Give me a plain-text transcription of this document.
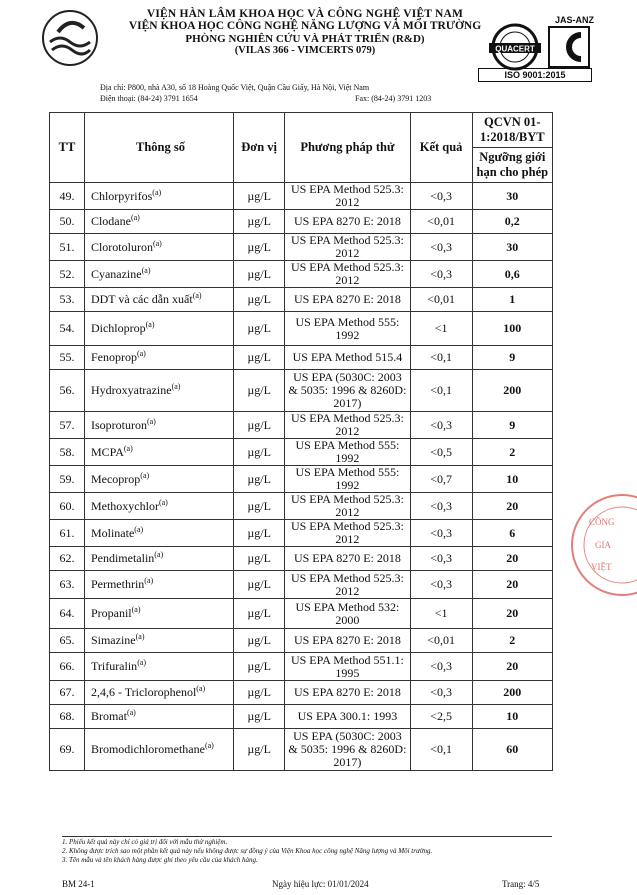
VIỆN HÀN LÂM KHOA HỌC VÀ CÔNG NGHỆ VIỆT NAM
VIỆN KHOA HỌC CÔNG NGHỆ NĂNG LƯỢNG VÀ MÔI TRƯỜNG
PHÒNG NGHIÊN CỨU VÀ PHÁT TRIỂN (R&D)
(VILAS 366 - VIMCERTS 079)
Địa chỉ: P800, nhà A30, số 18 Hoàng Quốc Việt, Quận Cầu Giấy, Hà Nội, Việt Nam
Điện thoại: (84-24) 3791 1654	Fax: (84-24) 3791 1203
JAS-ANZ
QUACERT
ISO 9001:2015
TT	Thông số	Đơn vị	Phương pháp thử	Kết quả	QCVN 01-1:2018/BYT
Ngưỡng giới hạn cho phép

49.	Chlorpyrifos$^{(a)}$	µg/L	US EPA Method 525.3: 2012	<0,3	30
50.	Clodane$^{(a)}$	µg/L	US EPA 8270 E: 2018	<0,01	0,2
51.	Clorotoluron$^{(a)}$	µg/L	US EPA Method 525.3: 2012	<0,3	30
52.	Cyanazine$^{(a)}$	µg/L	US EPA Method 525.3: 2012	<0,3	0,6
53.	DDT và các dẫn xuất$^{(a)}$	µg/L	US EPA 8270 E: 2018	<0,01	1
54.	Dichloprop$^{(a)}$	µg/L	US EPA Method 555: 1992	<1	100
55.	Fenoprop$^{(a)}$	µg/L	US EPA Method 515.4	<0,1	9
56.	Hydroxyatrazine$^{(a)}$	µg/L	US EPA (5030C: 2003 & 5035: 1996 & 8260D: 2017)	<0,1	200
57.	Isoproturon$^{(a)}$	µg/L	US EPA Method 525.3: 2012	<0,3	9
58.	MCPA$^{(a)}$	µg/L	US EPA Method 555: 1992	<0,5	2
59.	Mecoprop$^{(a)}$	µg/L	US EPA Method 555: 1992	<0,7	10
60.	Methoxychlor$^{(a)}$	µg/L	US EPA Method 525.3: 2012	<0,3	20
61.	Molinate$^{(a)}$	µg/L	US EPA Method 525.3: 2012	<0,3	6
62.	Pendimetalin$^{(a)}$	µg/L	US EPA 8270 E: 2018	<0,3	20
63.	Permethrin$^{(a)}$	µg/L	US EPA Method 525.3: 2012	<0,3	20
64.	Propanil$^{(a)}$	µg/L	US EPA Method 532: 2000	<1	20
65.	Simazine$^{(a)}$	µg/L	US EPA 8270 E: 2018	<0,01	2
66.	Trifuralin$^{(a)}$	µg/L	US EPA Method 551.1: 1995	<0,3	20
67.	2,4,6 - Triclorophenol$^{(a)}$	µg/L	US EPA 8270 E: 2018	<0,3	200
68.	Bromat$^{(a)}$	µg/L	US EPA 300.1: 1993	<2,5	10
69.	Bromodichloromethane$^{(a)}$	µg/L	US EPA (5030C: 2003 & 5035: 1996 & 8260D: 2017)	<0,1	60
1. Phiếu kết quả này chỉ có giá trị đối với mẫu thử nghiệm.
2. Không được trích sao một phần kết quả này nếu không được sự đồng ý của Viện Khoa học công nghệ Năng lượng và Môi trường.
3. Tên mẫu và tên khách hàng được ghi theo yêu cầu của khách hàng.
BM 24-1	Ngày hiệu lực: 01/01/2024	Trang: 4/5
CÔNG
GIA
VIỆT
